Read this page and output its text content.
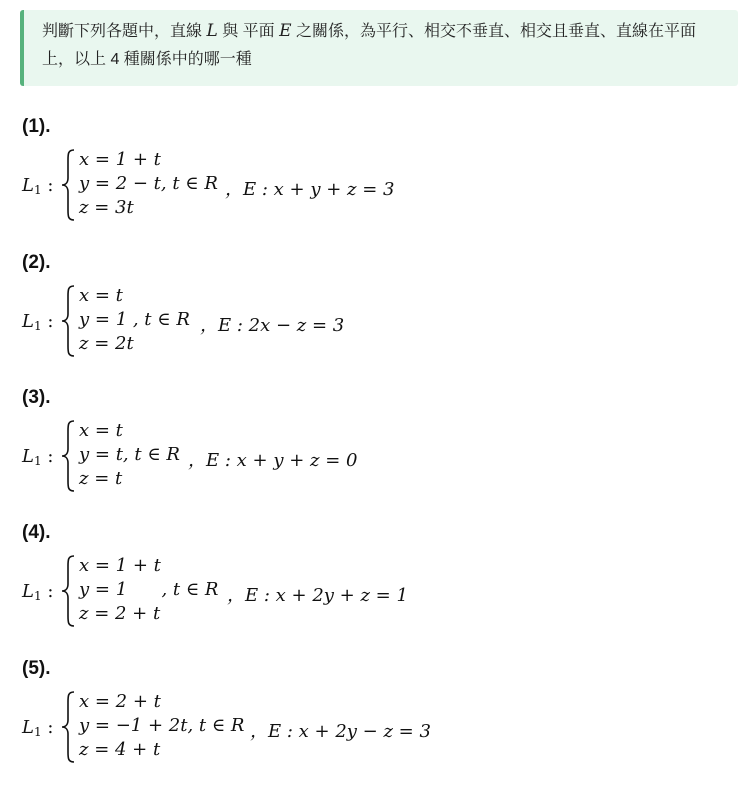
判斷下列各題中，直線 L 與 平面 E 之關係，為平行、相交不垂直、相交且垂直、直線在平面上，以上 4 種關係中的哪一種
(1).
$L_1$ :
x = 1 + t
y = 2 − t, t ∈ R
z = 3t
，E : x + y + z = 3
(2).
$L_1$ :
x = t
y = 1 , t ∈ R
z = 2t
，E : 2x − z = 3
(3).
$L_1$ :
x = t
y = t, t ∈ R
z = t
，E : x + y + z = 0
(4).
$L_1$ :
x = 1 + t
y = 1      , t ∈ R
z = 2 + t
，E : x + 2y + z = 1
(5).
$L_1$ :
x = 2 + t
y = −1 + 2t, t ∈ R
z = 4 + t
，E : x + 2y − z = 3
